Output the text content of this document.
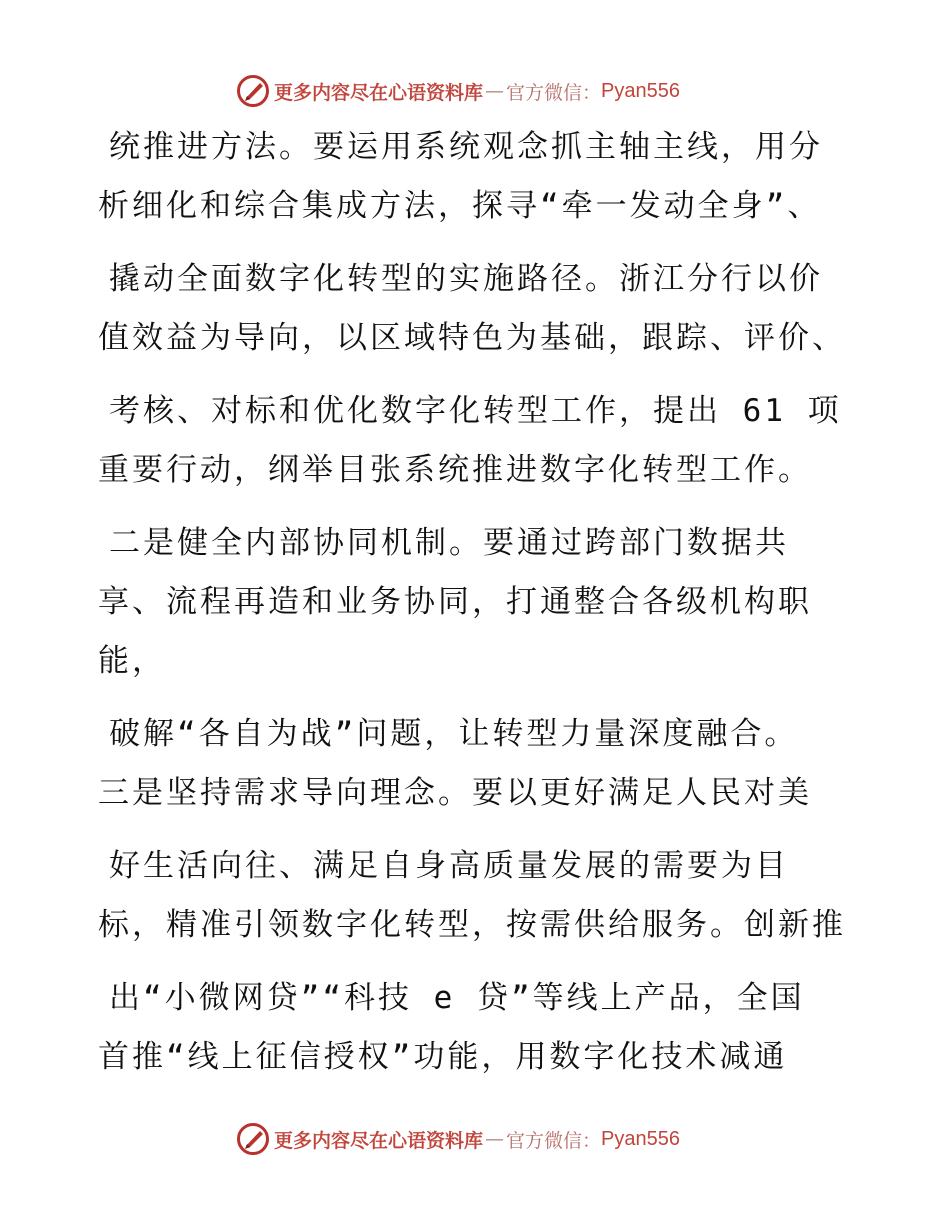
更多内容尽在心语资料库 — 官方微信： Pyan556
统推进方法。要运用系统观念抓主轴主线，用分
析细化和综合集成方法，探寻“牵一发动全身”、
撬动全面数字化转型的实施路径。浙江分行以价
值效益为导向，以区域特色为基础，跟踪、评价、
考核、对标和优化数字化转型工作，提出 61 项
重要行动，纲举目张系统推进数字化转型工作。
二是健全内部协同机制。要通过跨部门数据共
享、流程再造和业务协同，打通整合各级机构职
能，
破解“各自为战”问题，让转型力量深度融合。
三是坚持需求导向理念。要以更好满足人民对美
好生活向往、满足自身高质量发展的需要为目
标，精准引领数字化转型，按需供给服务。创新推
出“小微网贷”“科技 e 贷”等线上产品，全国
首推“线上征信授权”功能，用数字化技术减通
更多内容尽在心语资料库 — 官方微信： Pyan556
